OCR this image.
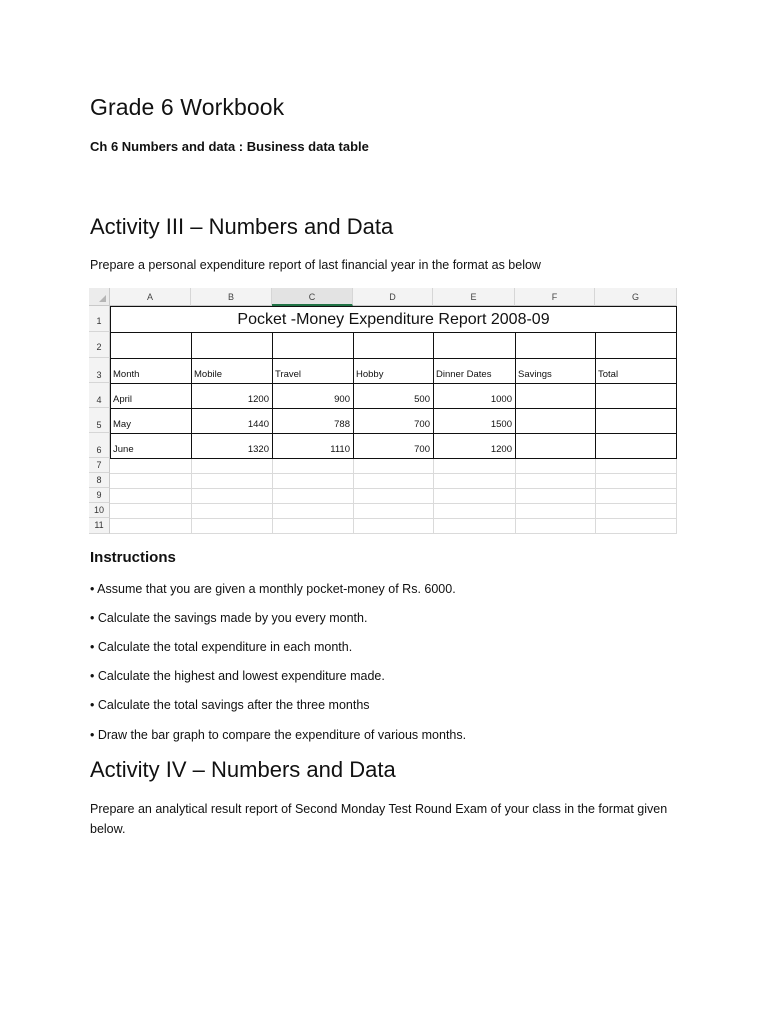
Grade 6 Workbook
Ch 6 Numbers and data : Business data table
Activity III – Numbers and Data
Prepare a personal expenditure report of last financial year in the format as below
A	B	C	D	E	F	G
1
2
3
4
5
6
7
8
9
10
11
Pocket -Money Expenditure Report 2008-09
Month	Mobile	Travel	Hobby	Dinner Dates	Savings	Total
April	1200	900	500	1000
May	1440	788	700	1500
June	1320	1110	700	1200
Instructions
• Assume that you are given a monthly pocket-money of Rs. 6000.
• Calculate the savings made by you every month.
• Calculate the total expenditure in each month.
• Calculate the highest and lowest expenditure made.
• Calculate the total savings after the three months
• Draw the bar graph to compare the expenditure of various months.
Activity IV – Numbers and Data
Prepare an analytical result report of Second Monday Test Round Exam of your class in the format given below.
